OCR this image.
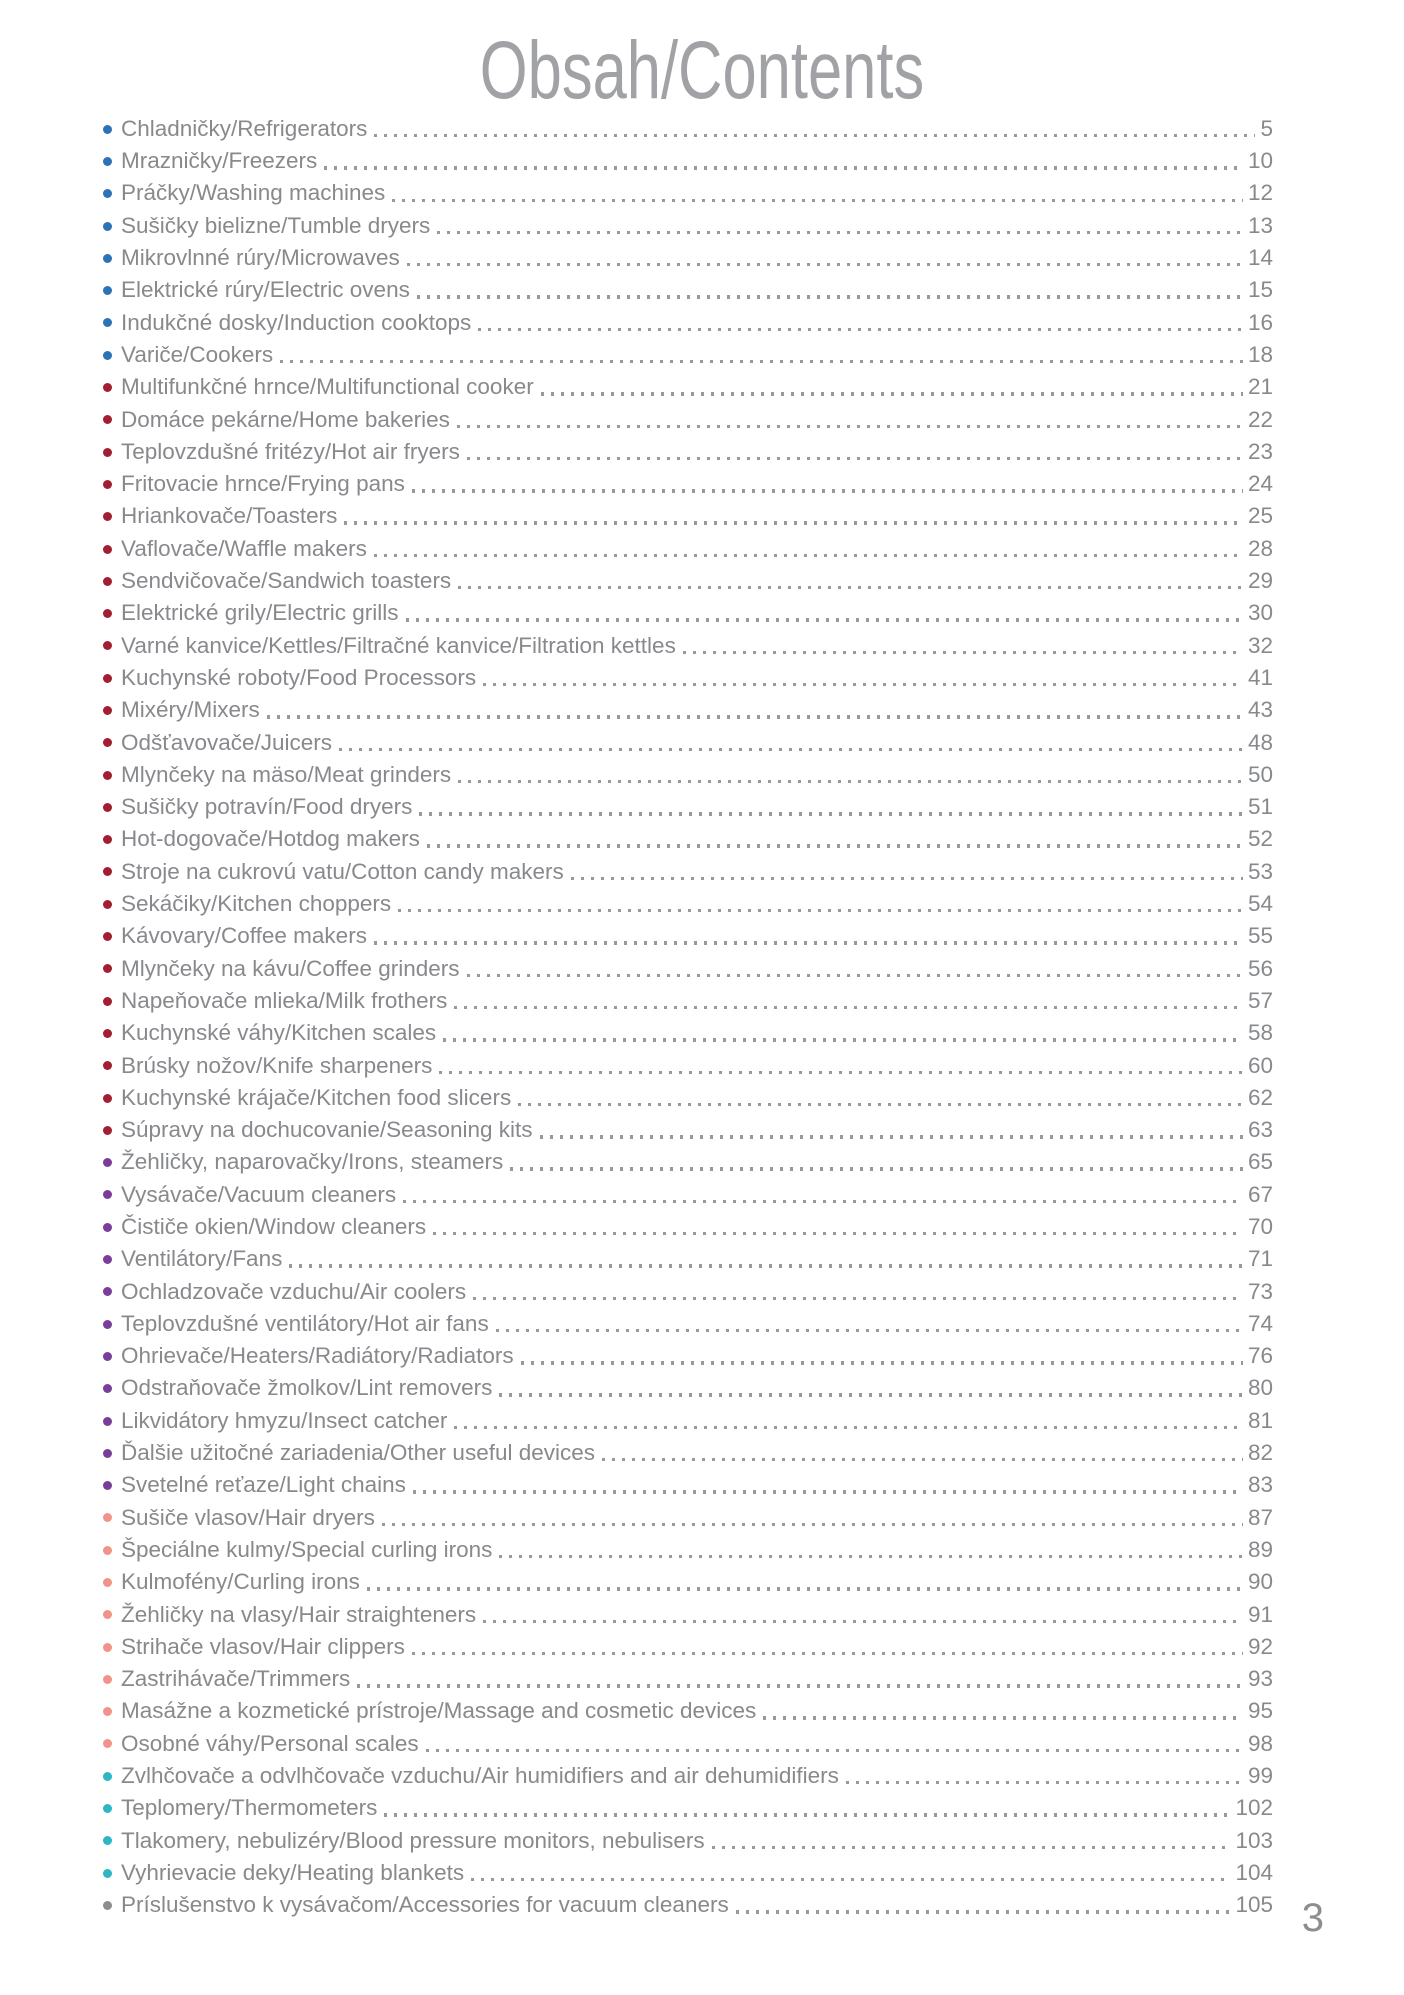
Obsah/Contents
Chladničky/Refrigerators	5
Mrazničky/Freezers	10
Práčky/Washing machines	12
Sušičky bielizne/Tumble dryers	13
Mikrovlnné rúry/Microwaves	14
Elektrické rúry/Electric ovens	15
Indukčné dosky/Induction cooktops	16
Variče/Cookers	18
Multifunkčné hrnce/Multifunctional cooker	21
Domáce pekárne/Home bakeries	22
Teplovzdušné fritézy/Hot air fryers	23
Fritovacie hrnce/Frying pans	24
Hriankovače/Toasters	25
Vaflovače/Waffle makers	28
Sendvičovače/Sandwich toasters	29
Elektrické grily/Electric grills	30
Varné kanvice/Kettles/Filtračné kanvice/Filtration kettles	32
Kuchynské roboty/Food Processors	41
Mixéry/Mixers	43
Odšťavovače/Juicers	48
Mlynčeky na mäso/Meat grinders	50
Sušičky potravín/Food dryers	51
Hot-dogovače/Hotdog makers	52
Stroje na cukrovú vatu/Cotton candy makers	53
Sekáčiky/Kitchen choppers	54
Kávovary/Coffee makers	55
Mlynčeky na kávu/Coffee grinders	56
Napeňovače mlieka/Milk frothers	57
Kuchynské váhy/Kitchen scales	58
Brúsky nožov/Knife sharpeners	60
Kuchynské krájače/Kitchen food slicers	62
Súpravy na dochucovanie/Seasoning kits	63
Žehličky, naparovačky/Irons, steamers	65
Vysávače/Vacuum cleaners	67
Čističe okien/Window cleaners	70
Ventilátory/Fans	71
Ochladzovače vzduchu/Air coolers	73
Teplovzdušné ventilátory/Hot air fans	74
Ohrievače/Heaters/Radiátory/Radiators	76
Odstraňovače žmolkov/Lint removers	80
Likvidátory hmyzu/Insect catcher	81
Ďalšie užitočné zariadenia/Other useful devices	82
Svetelné reťaze/Light chains	83
Sušiče vlasov/Hair dryers	87
Špeciálne kulmy/Special curling irons	89
Kulmofény/Curling irons	90
Žehličky na vlasy/Hair straighteners	91
Strihače vlasov/Hair clippers	92
Zastrihávače/Trimmers	93
Masážne a kozmetické prístroje/Massage and cosmetic devices	95
Osobné váhy/Personal scales	98
Zvlhčovače a odvlhčovače vzduchu/Air humidifiers and air dehumidifiers	99
Teplomery/Thermometers	102
Tlakomery, nebulizéry/Blood pressure monitors, nebulisers	103
Vyhrievacie deky/Heating blankets	104
Príslušenstvo k vysávačom/Accessories for vacuum cleaners	105 3
